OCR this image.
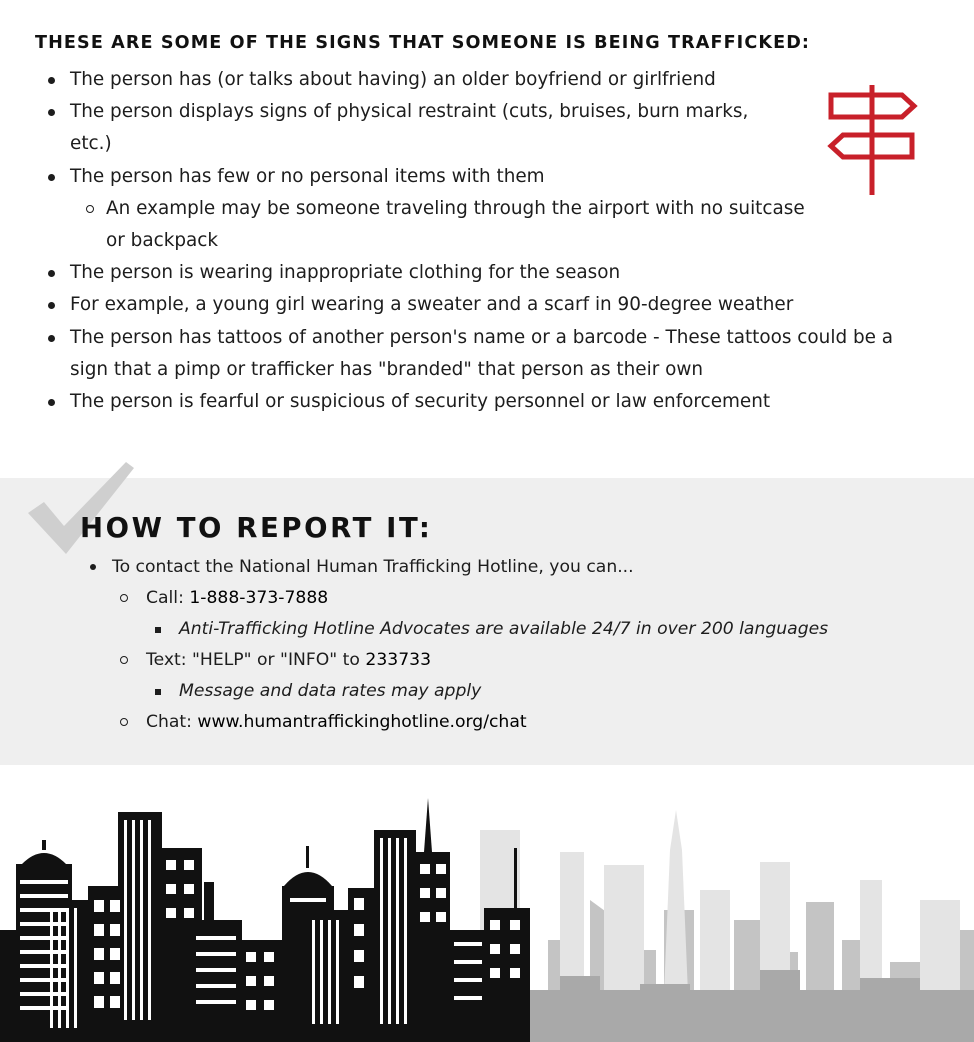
THESE ARE SOME OF THE SIGNS THAT SOMEONE IS BEING TRAFFICKED:
The person has (or talks about having) an older boyfriend or girlfriend
The person displays signs of physical restraint (cuts, bruises, burn marks, etc.)
The person has few or no personal items with them
An example may be someone traveling through the airport with no suitcase or backpack
The person is wearing inappropriate clothing for the season
For example, a young girl wearing a sweater and a scarf in 90-degree weather
The person has tattoos of another person's name or a barcode - These tattoos could be a sign that a pimp or trafficker has "branded" that person as their own
The person is fearful or suspicious of security personnel or law enforcement
HOW TO REPORT IT:
To contact the National Human Trafficking Hotline, you can...
Call: 1-888-373-7888
Anti-Trafficking Hotline Advocates are available 24/7 in over 200 languages
Text: "HELP" or "INFO" to 233733
Message and data rates may apply
Chat: www.humantraffickinghotline.org/chat
